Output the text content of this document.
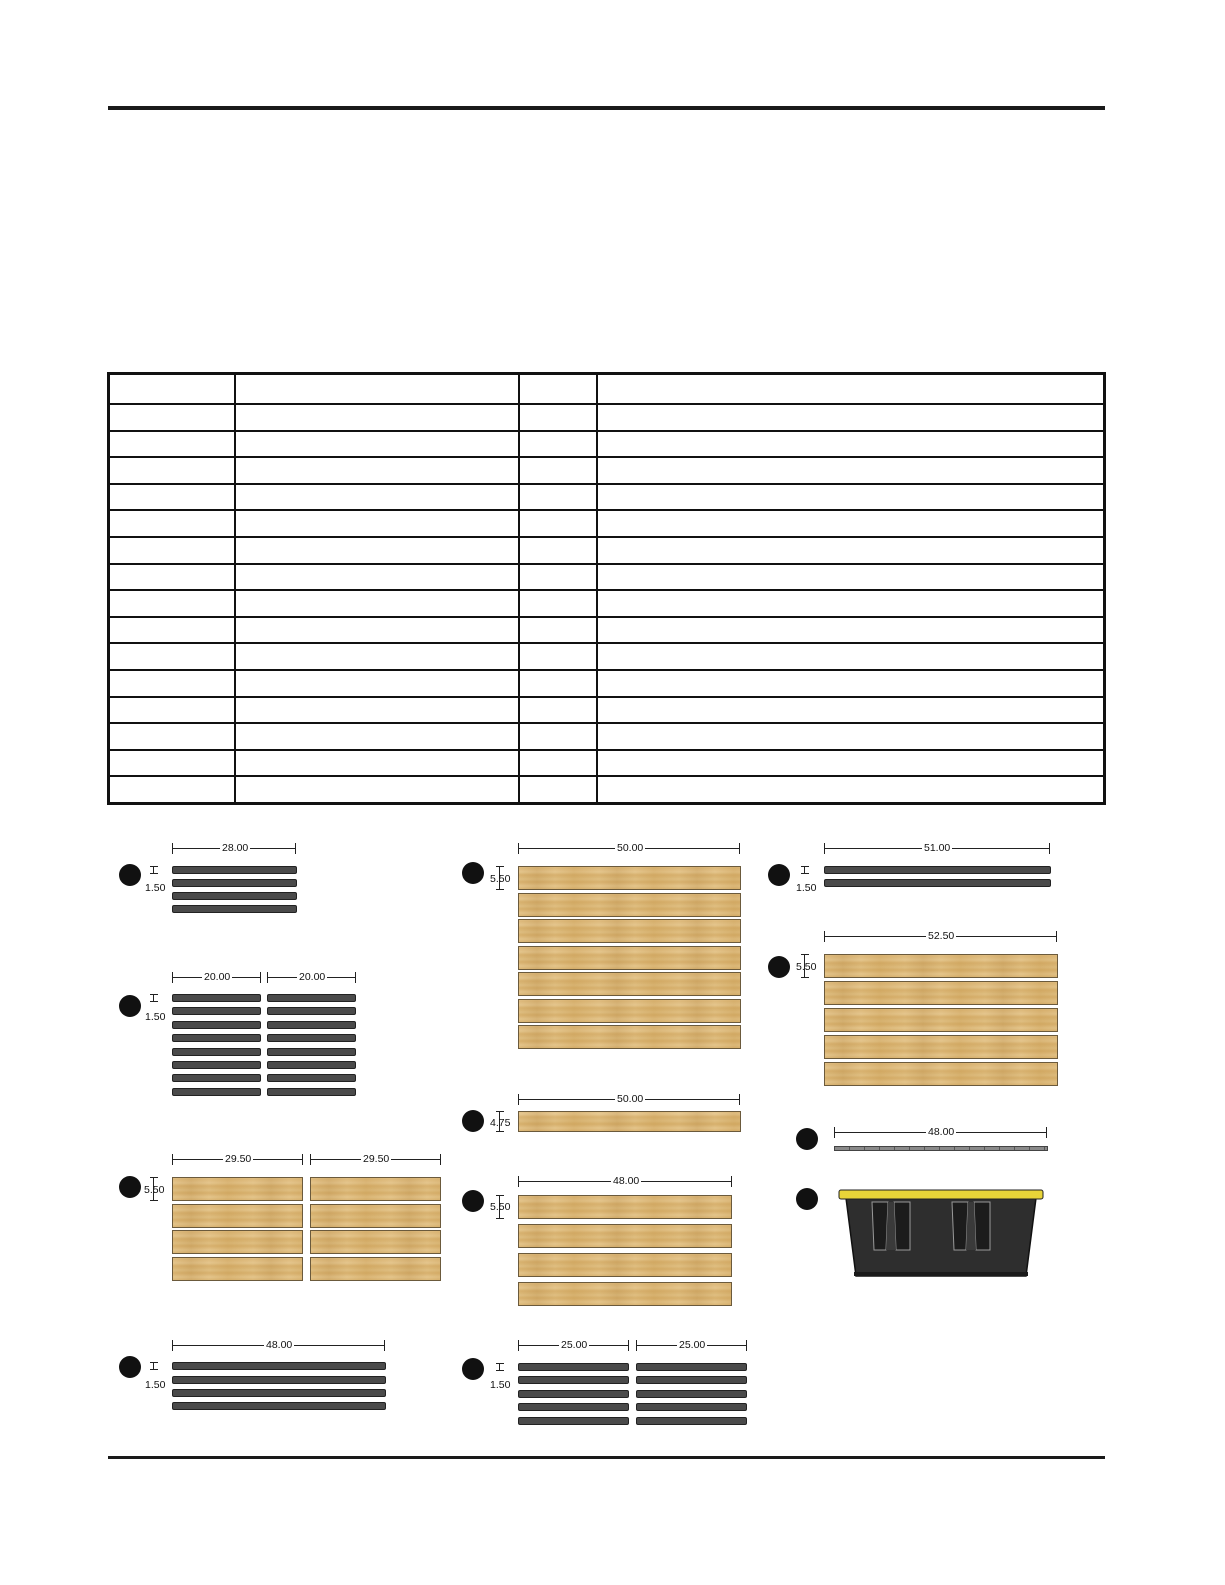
28.00
1.50
20.00	20.00
1.50
29.50	29.50
5.50
48.00
1.50
50.00
5.50
50.00
4.75
48.00
5.50
25.00	25.00
1.50
51.00
1.50
52.50
5.50
48.00
